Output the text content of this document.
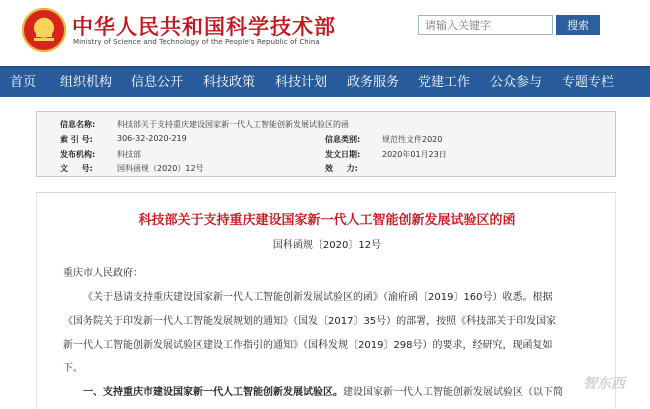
中华人民共和国科学技术部
Ministry of Science and Technology of the People's Republic of China
请输入关键字
搜索
首页 组织机构 信息公开 科技政策 科技计划 政务服务 党建工作 公众参与 专题专栏
信息名称:	科技部关于支持重庆建设国家新一代人工智能创新发展试验区的函
索 引 号:	306-32-2020-219	信息类别:	规范性文件2020
发布机构:	科技部	发文日期:	2020年01月23日
文 　 号:	国科函规（2020）12号	效 　 力:
科技部关于支持重庆建设国家新一代人工智能创新发展试验区的函
国科函规〔2020〕12号
重庆市人民政府：
《关于恳请支持重庆建设国家新一代人工智能创新发展试验区的函》（渝府函〔2019〕160号）收悉。根据
《国务院关于印发新一代人工智能发展规划的通知》（国发〔2017〕35号）的部署，按照《科技部关于印发国家
新一代人工智能创新发展试验区建设工作指引的通知》（国科发规〔2019〕298号）的要求，经研究，现函复如
下。
一、支持重庆市建设国家新一代人工智能创新发展试验区。建设国家新一代人工智能创新发展试验区（以下简
智东西
